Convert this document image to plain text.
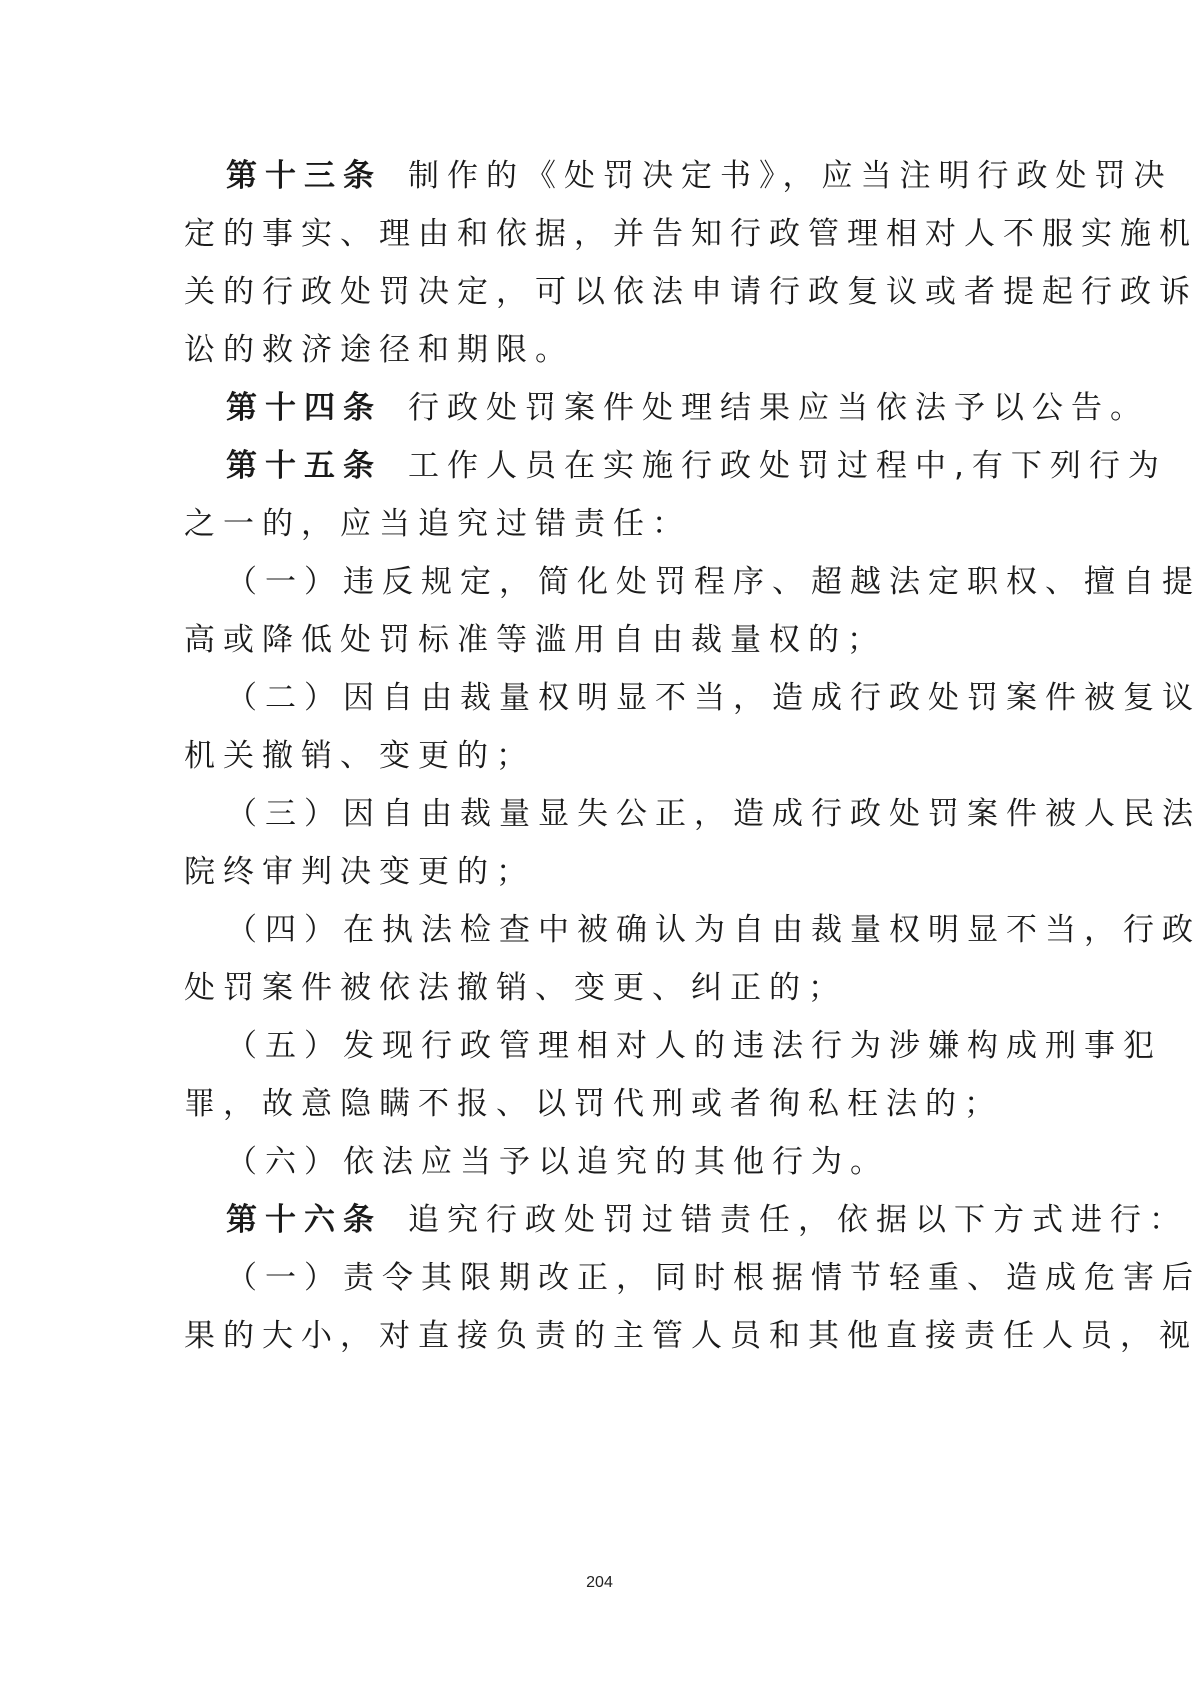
第十三条 制作的《处罚决定书》，应当注明行政处罚决
定的事实、理由和依据，并告知行政管理相对人不服实施机
关的行政处罚决定，可以依法申请行政复议或者提起行政诉
讼的救济途径和期限。
第十四条 行政处罚案件处理结果应当依法予以公告。
第十五条 工作人员在实施行政处罚过程中,有下列行为
之一的，应当追究过错责任：
（一）违反规定，简化处罚程序、超越法定职权、擅自提
高或降低处罚标准等滥用自由裁量权的；
（二）因自由裁量权明显不当，造成行政处罚案件被复议
机关撤销、变更的；
（三）因自由裁量显失公正，造成行政处罚案件被人民法
院终审判决变更的；
（四）在执法检查中被确认为自由裁量权明显不当，行政
处罚案件被依法撤销、变更、纠正的；
（五）发现行政管理相对人的违法行为涉嫌构成刑事犯
罪，故意隐瞒不报、以罚代刑或者徇私枉法的；
（六）依法应当予以追究的其他行为。
第十六条 追究行政处罚过错责任，依据以下方式进行：
（一）责令其限期改正，同时根据情节轻重、造成危害后
果的大小，对直接负责的主管人员和其他直接责任人员，视
204
